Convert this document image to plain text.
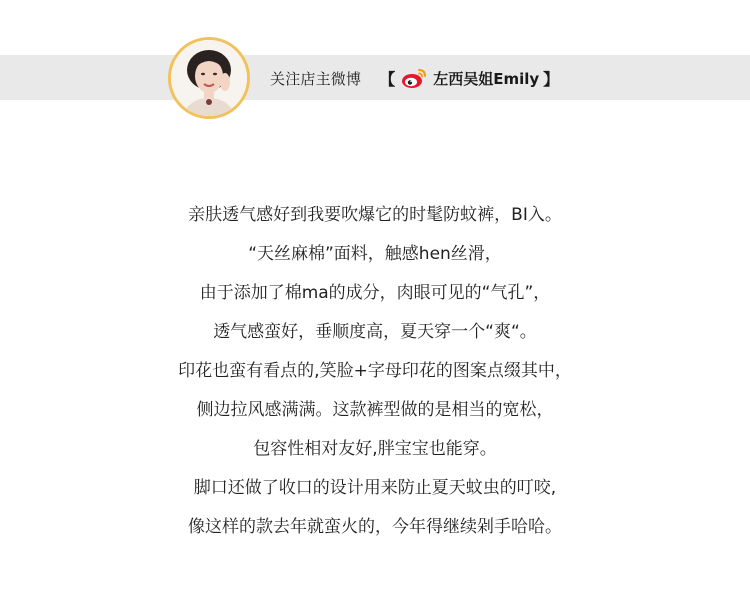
关注店主微博 【	左西吴姐Emily 】
亲肤透气感好到我要吹爆它的时髦防蚊裤，BI入。
“天丝麻棉”面料，触感hen丝滑，
由于添加了棉ma的成分，肉眼可见的“气孔”，
透气感蛮好，垂顺度高，夏天穿一个“爽“。
印花也蛮有看点的,笑脸+字母印花的图案点缀其中，
侧边拉风感满满。这款裤型做的是相当的宽松，
包容性相对友好,胖宝宝也能穿。
脚口还做了收口的设计用来防止夏天蚊虫的叮咬,
像这样的款去年就蛮火的，今年得继续剁手哈哈。
